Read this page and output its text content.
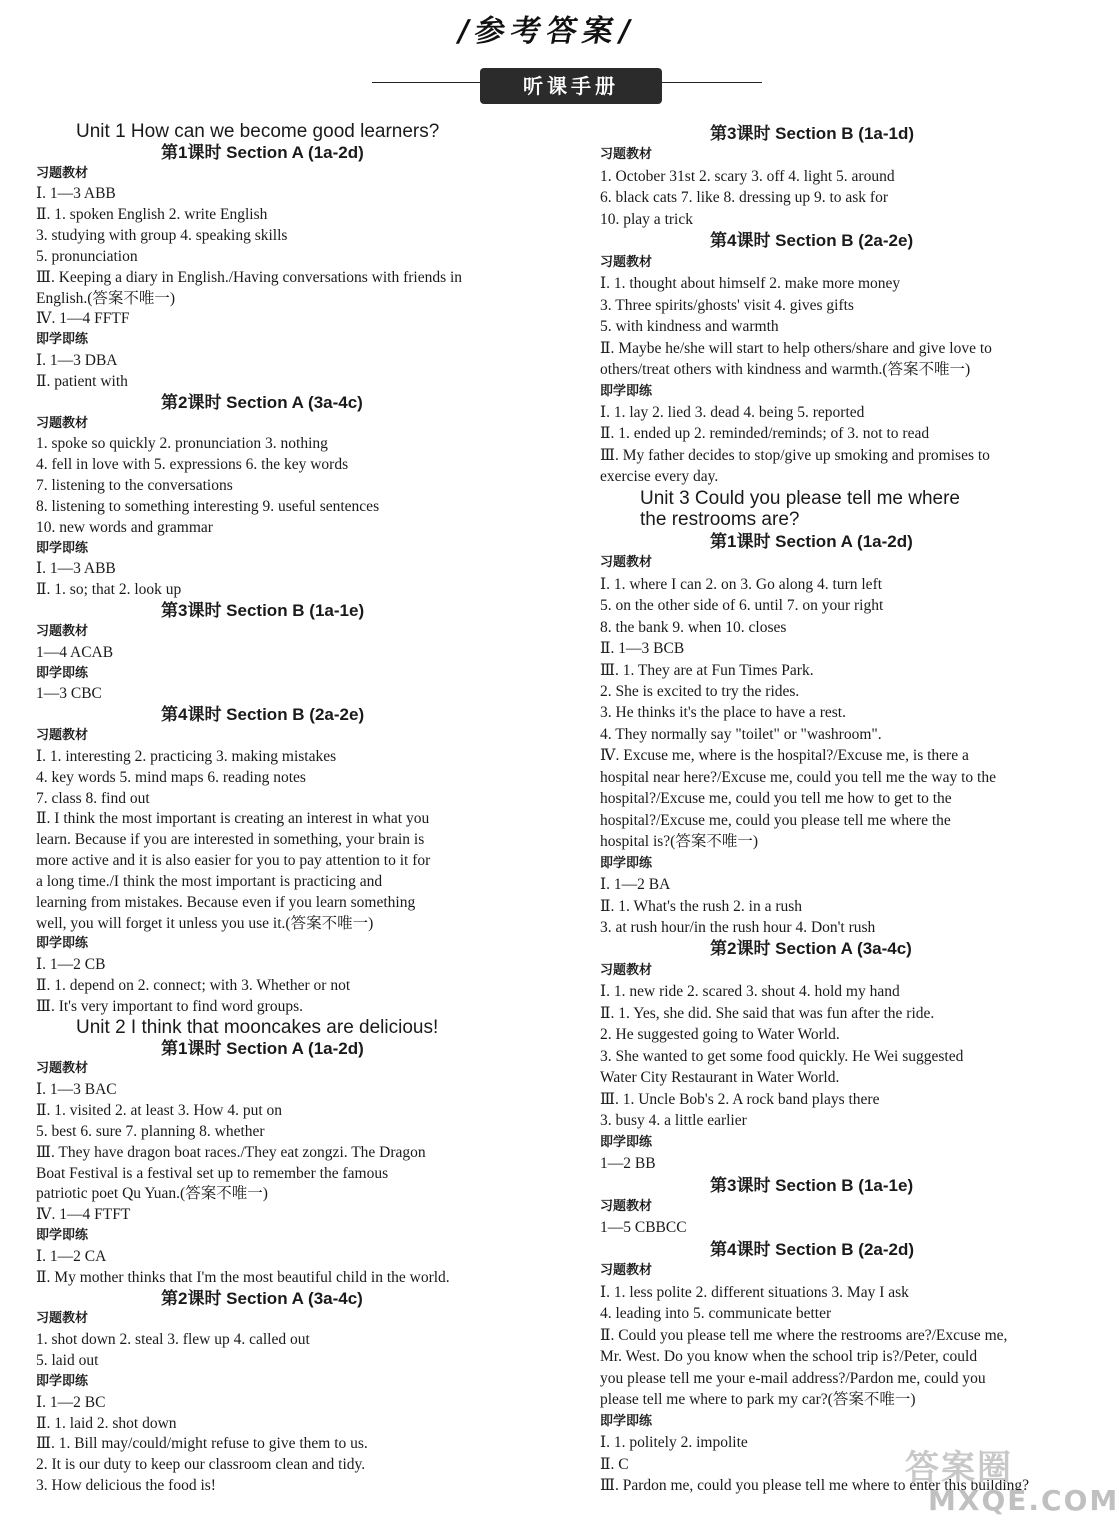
/参考答案/
听课手册
Unit 1 How can we become good learners?
第1课时 Section A (1a-2d)
习题教材
Ⅰ. 1—3 ABB
Ⅱ. 1. spoken English 2. write English
3. studying with group 4. speaking skills
5. pronunciation
Ⅲ. Keeping a diary in English./Having conversations with friends in
English.(答案不唯一)
Ⅳ. 1—4 FFTF
即学即练
Ⅰ. 1—3 DBA
Ⅱ. patient with
第2课时 Section A (3a-4c)
习题教材
1. spoke so quickly 2. pronunciation 3. nothing
4. fell in love with 5. expressions 6. the key words
7. listening to the conversations
8. listening to something interesting 9. useful sentences
10. new words and grammar
即学即练
Ⅰ. 1—3 ABB
Ⅱ. 1. so; that 2. look up
第3课时 Section B (1a-1e)
习题教材
1—4 ACAB
即学即练
1—3 CBC
第4课时 Section B (2a-2e)
习题教材
Ⅰ. 1. interesting 2. practicing 3. making mistakes
4. key words 5. mind maps 6. reading notes
7. class 8. find out
Ⅱ. I think the most important is creating an interest in what you
learn. Because if you are interested in something, your brain is
more active and it is also easier for you to pay attention to it for
a long time./I think the most important is practicing and
learning from mistakes. Because even if you learn something
well, you will forget it unless you use it.(答案不唯一)
即学即练
Ⅰ. 1—2 CB
Ⅱ. 1. depend on 2. connect; with 3. Whether or not
Ⅲ. It's very important to find word groups.
Unit 2 I think that mooncakes are delicious!
第1课时 Section A (1a-2d)
习题教材
Ⅰ. 1—3 BAC
Ⅱ. 1. visited 2. at least 3. How 4. put on
5. best 6. sure 7. planning 8. whether
Ⅲ. They have dragon boat races./They eat zongzi. The Dragon
Boat Festival is a festival set up to remember the famous
patriotic poet Qu Yuan.(答案不唯一)
Ⅳ. 1—4 FTFT
即学即练
Ⅰ. 1—2 CA
Ⅱ. My mother thinks that I'm the most beautiful child in the world.
第2课时 Section A (3a-4c)
习题教材
1. shot down 2. steal 3. flew up 4. called out
5. laid out
即学即练
Ⅰ. 1—2 BC
Ⅱ. 1. laid 2. shot down
Ⅲ. 1. Bill may/could/might refuse to give them to us.
2. It is our duty to keep our classroom clean and tidy.
3. How delicious the food is!
第3课时 Section B (1a-1d)
习题教材
1. October 31st 2. scary 3. off 4. light 5. around
6. black cats 7. like 8. dressing up 9. to ask for
10. play a trick
第4课时 Section B (2a-2e)
习题教材
Ⅰ. 1. thought about himself 2. make more money
3. Three spirits/ghosts' visit 4. gives gifts
5. with kindness and warmth
Ⅱ. Maybe he/she will start to help others/share and give love to
others/treat others with kindness and warmth.(答案不唯一)
即学即练
Ⅰ. 1. lay 2. lied 3. dead 4. being 5. reported
Ⅱ. 1. ended up 2. reminded/reminds; of 3. not to read
Ⅲ. My father decides to stop/give up smoking and promises to
exercise every day.
Unit 3 Could you please tell me where
the restrooms are?
第1课时 Section A (1a-2d)
习题教材
Ⅰ. 1. where I can 2. on 3. Go along 4. turn left
5. on the other side of 6. until 7. on your right
8. the bank 9. when 10. closes
Ⅱ. 1—3 BCB
Ⅲ. 1. They are at Fun Times Park.
2. She is excited to try the rides.
3. He thinks it's the place to have a rest.
4. They normally say "toilet" or "washroom".
Ⅳ. Excuse me, where is the hospital?/Excuse me, is there a
hospital near here?/Excuse me, could you tell me the way to the
hospital?/Excuse me, could you tell me how to get to the
hospital?/Excuse me, could you please tell me where the
hospital is?(答案不唯一)
即学即练
Ⅰ. 1—2 BA
Ⅱ. 1. What's the rush 2. in a rush
3. at rush hour/in the rush hour 4. Don't rush
第2课时 Section A (3a-4c)
习题教材
Ⅰ. 1. new ride 2. scared 3. shout 4. hold my hand
Ⅱ. 1. Yes, she did. She said that was fun after the ride.
2. He suggested going to Water World.
3. She wanted to get some food quickly. He Wei suggested
Water City Restaurant in Water World.
Ⅲ. 1. Uncle Bob's 2. A rock band plays there
3. busy 4. a little earlier
即学即练
1—2 BB
第3课时 Section B (1a-1e)
习题教材
1—5 CBBCC
第4课时 Section B (2a-2d)
习题教材
Ⅰ. 1. less polite 2. different situations 3. May I ask
4. leading into 5. communicate better
Ⅱ. Could you please tell me where the restrooms are?/Excuse me,
Mr. West. Do you know when the school trip is?/Peter, could
you please tell me your e-mail address?/Pardon me, could you
please tell me where to park my car?(答案不唯一)
即学即练
Ⅰ. 1. politely 2. impolite
Ⅱ. C
Ⅲ. Pardon me, could you please tell me where to enter this building?
答案圈
MXQE.COM
